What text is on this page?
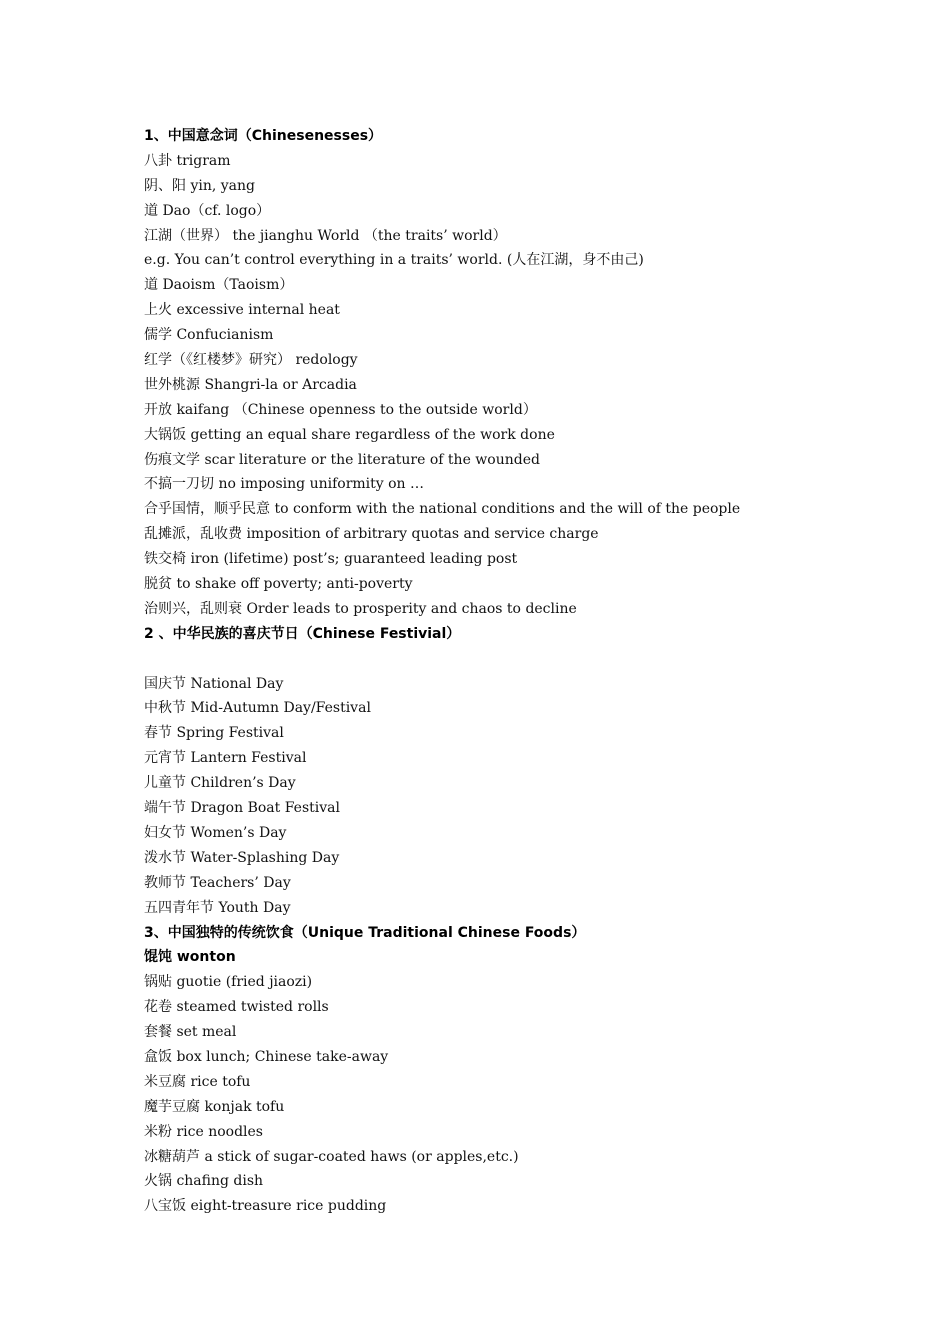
1、中国意念词（Chinesenesses）
八卦 trigram
阴、阳 yin, yang
道 Dao（cf. logo）
江湖（世界） the jianghu World （the traits’ world）
e.g. You can’t control everything in a traits’ world. (人在江湖，身不由己)
道 Daoism（Taoism）
上火 excessive internal heat
儒学 Confucianism
红学（《红楼梦》研究） redology
世外桃源 Shangri-la or Arcadia
开放 kaifang （Chinese openness to the outside world）
大锅饭 getting an equal share regardless of the work done
伤痕文学 scar literature or the literature of the wounded
不搞一刀切 no imposing uniformity on …
合乎国情，顺乎民意 to conform with the national conditions and the will of the people
乱摊派，乱收费 imposition of arbitrary quotas and service charge
铁交椅 iron (lifetime) post’s; guaranteed leading post
脱贫 to shake off poverty; anti-poverty
治则兴，乱则衰 Order leads to prosperity and chaos to decline
2 、中华民族的喜庆节日（Chinese Festivial）
国庆节 National Day
中秋节 Mid-Autumn Day/Festival
春节 Spring Festival
元宵节 Lantern Festival
儿童节 Children’s Day
端午节 Dragon Boat Festival
妇女节 Women’s Day
泼水节 Water-Splashing Day
教师节 Teachers’ Day
五四青年节 Youth Day
3、中国独特的传统饮食（Unique Traditional Chinese Foods）
馄饨 wonton
锅贴 guotie (fried jiaozi)
花卷 steamed twisted rolls
套餐 set meal
盒饭 box lunch; Chinese take-away
米豆腐 rice tofu
魔芋豆腐 konjak tofu
米粉 rice noodles
冰糖葫芦 a stick of sugar-coated haws (or apples,etc.)
火锅 chafing dish
八宝饭 eight-treasure rice pudding
